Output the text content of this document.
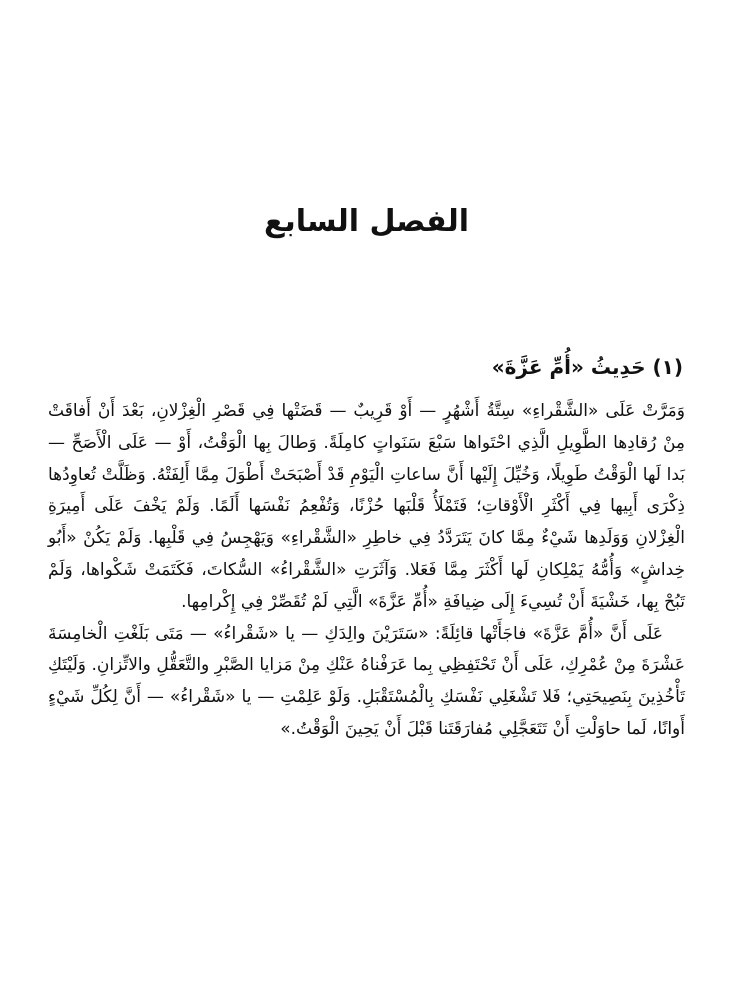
الفصل السابع
(١) حَدِيثُ «أُمِّ عَزَّةَ»

وَمَرَّتْ عَلَى «الشَّقْراءِ» سِتَّةُ أَشْهُرٍ — أَوْ قَرِيبٌ — قَضَتْها فِي قَصْرِ الْغِزْلانِ، بَعْدَ أَنْ أَفاقَتْ مِنْ رُقادِها الطَّوِيلِ الَّذِي احْتَواها سَبْعَ سَنَواتٍ كامِلَةً. وَطالَ بِها الْوَقْتُ، أَوْ — عَلَى الْأَصَحِّ — بَدا لَها الْوَقْتُ طَوِيلًا، وَخُيِّلَ إِلَيْها أَنَّ ساعاتِ الْيَوْمِ قَدْ أَصْبَحَتْ أَطْوَلَ مِمَّا أَلِفَتْهُ. وَظَلَّتْ تُعاوِدُها ذِكْرَى أَبِيها فِي أَكْثَرِ الْأَوْقاتِ؛ فَتَمْلَأُ قَلْبَها حُزْنًا، وَتُفْعِمُ نَفْسَها أَلَمًا. وَلَمْ يَخْفَ عَلَى أَمِيرَةِ الْغِزْلانِ وَوَلَدِها شَيْءٌ مِمَّا كانَ يَتَرَدَّدُ فِي خاطِرِ «الشَّقْراءِ» وَيَهْجِسُ فِي قَلْبِها. وَلَمْ يَكُنْ «أَبُو خِداشٍ» وَأُمُّهُ يَمْلِكانِ لَها أَكْثَرَ مِمَّا فَعَلا. وَآثَرَتِ «الشَّقْراءُ» السُّكاتَ، فَكَتَمَتْ شَكْواها، وَلَمْ تَبُحْ بِها، خَشْيَةَ أَنْ تُسِيءَ إِلَى ضِيافَةِ «أُمِّ عَزَّةَ» الَّتِي لَمْ تُقَصِّرْ فِي إِكْرامِها.

عَلَى أَنَّ «أُمَّ عَزَّةَ» فاجَأَتْها قائِلَةً: «سَتَرَيْنَ والِدَكِ — يا «شَقْراءُ» — مَتَى بَلَغْتِ الْخامِسَةَ عَشْرَةَ مِنْ عُمْرِكِ، عَلَى أَنْ تَحْتَفِظِي بِما عَرَفْناهُ عَنْكِ مِنْ مَزايا الصَّبْرِ والتَّعَقُّلِ والاتِّزانِ. وَلَيْتَكِ تَأْخُذِينَ بِنَصِيحَتِي؛ فَلا تَشْغَلِي نَفْسَكِ بِالْمُسْتَقْبَلِ. وَلَوْ عَلِمْتِ — يا «شَقْراءُ» — أَنَّ لِكُلِّ شَيْءٍ أَوانًا، لَما حاوَلْتِ أَنْ تَتَعَجَّلِي مُفارَقَتَنا قَبْلَ أَنْ يَحِينَ الْوَقْتُ.»
